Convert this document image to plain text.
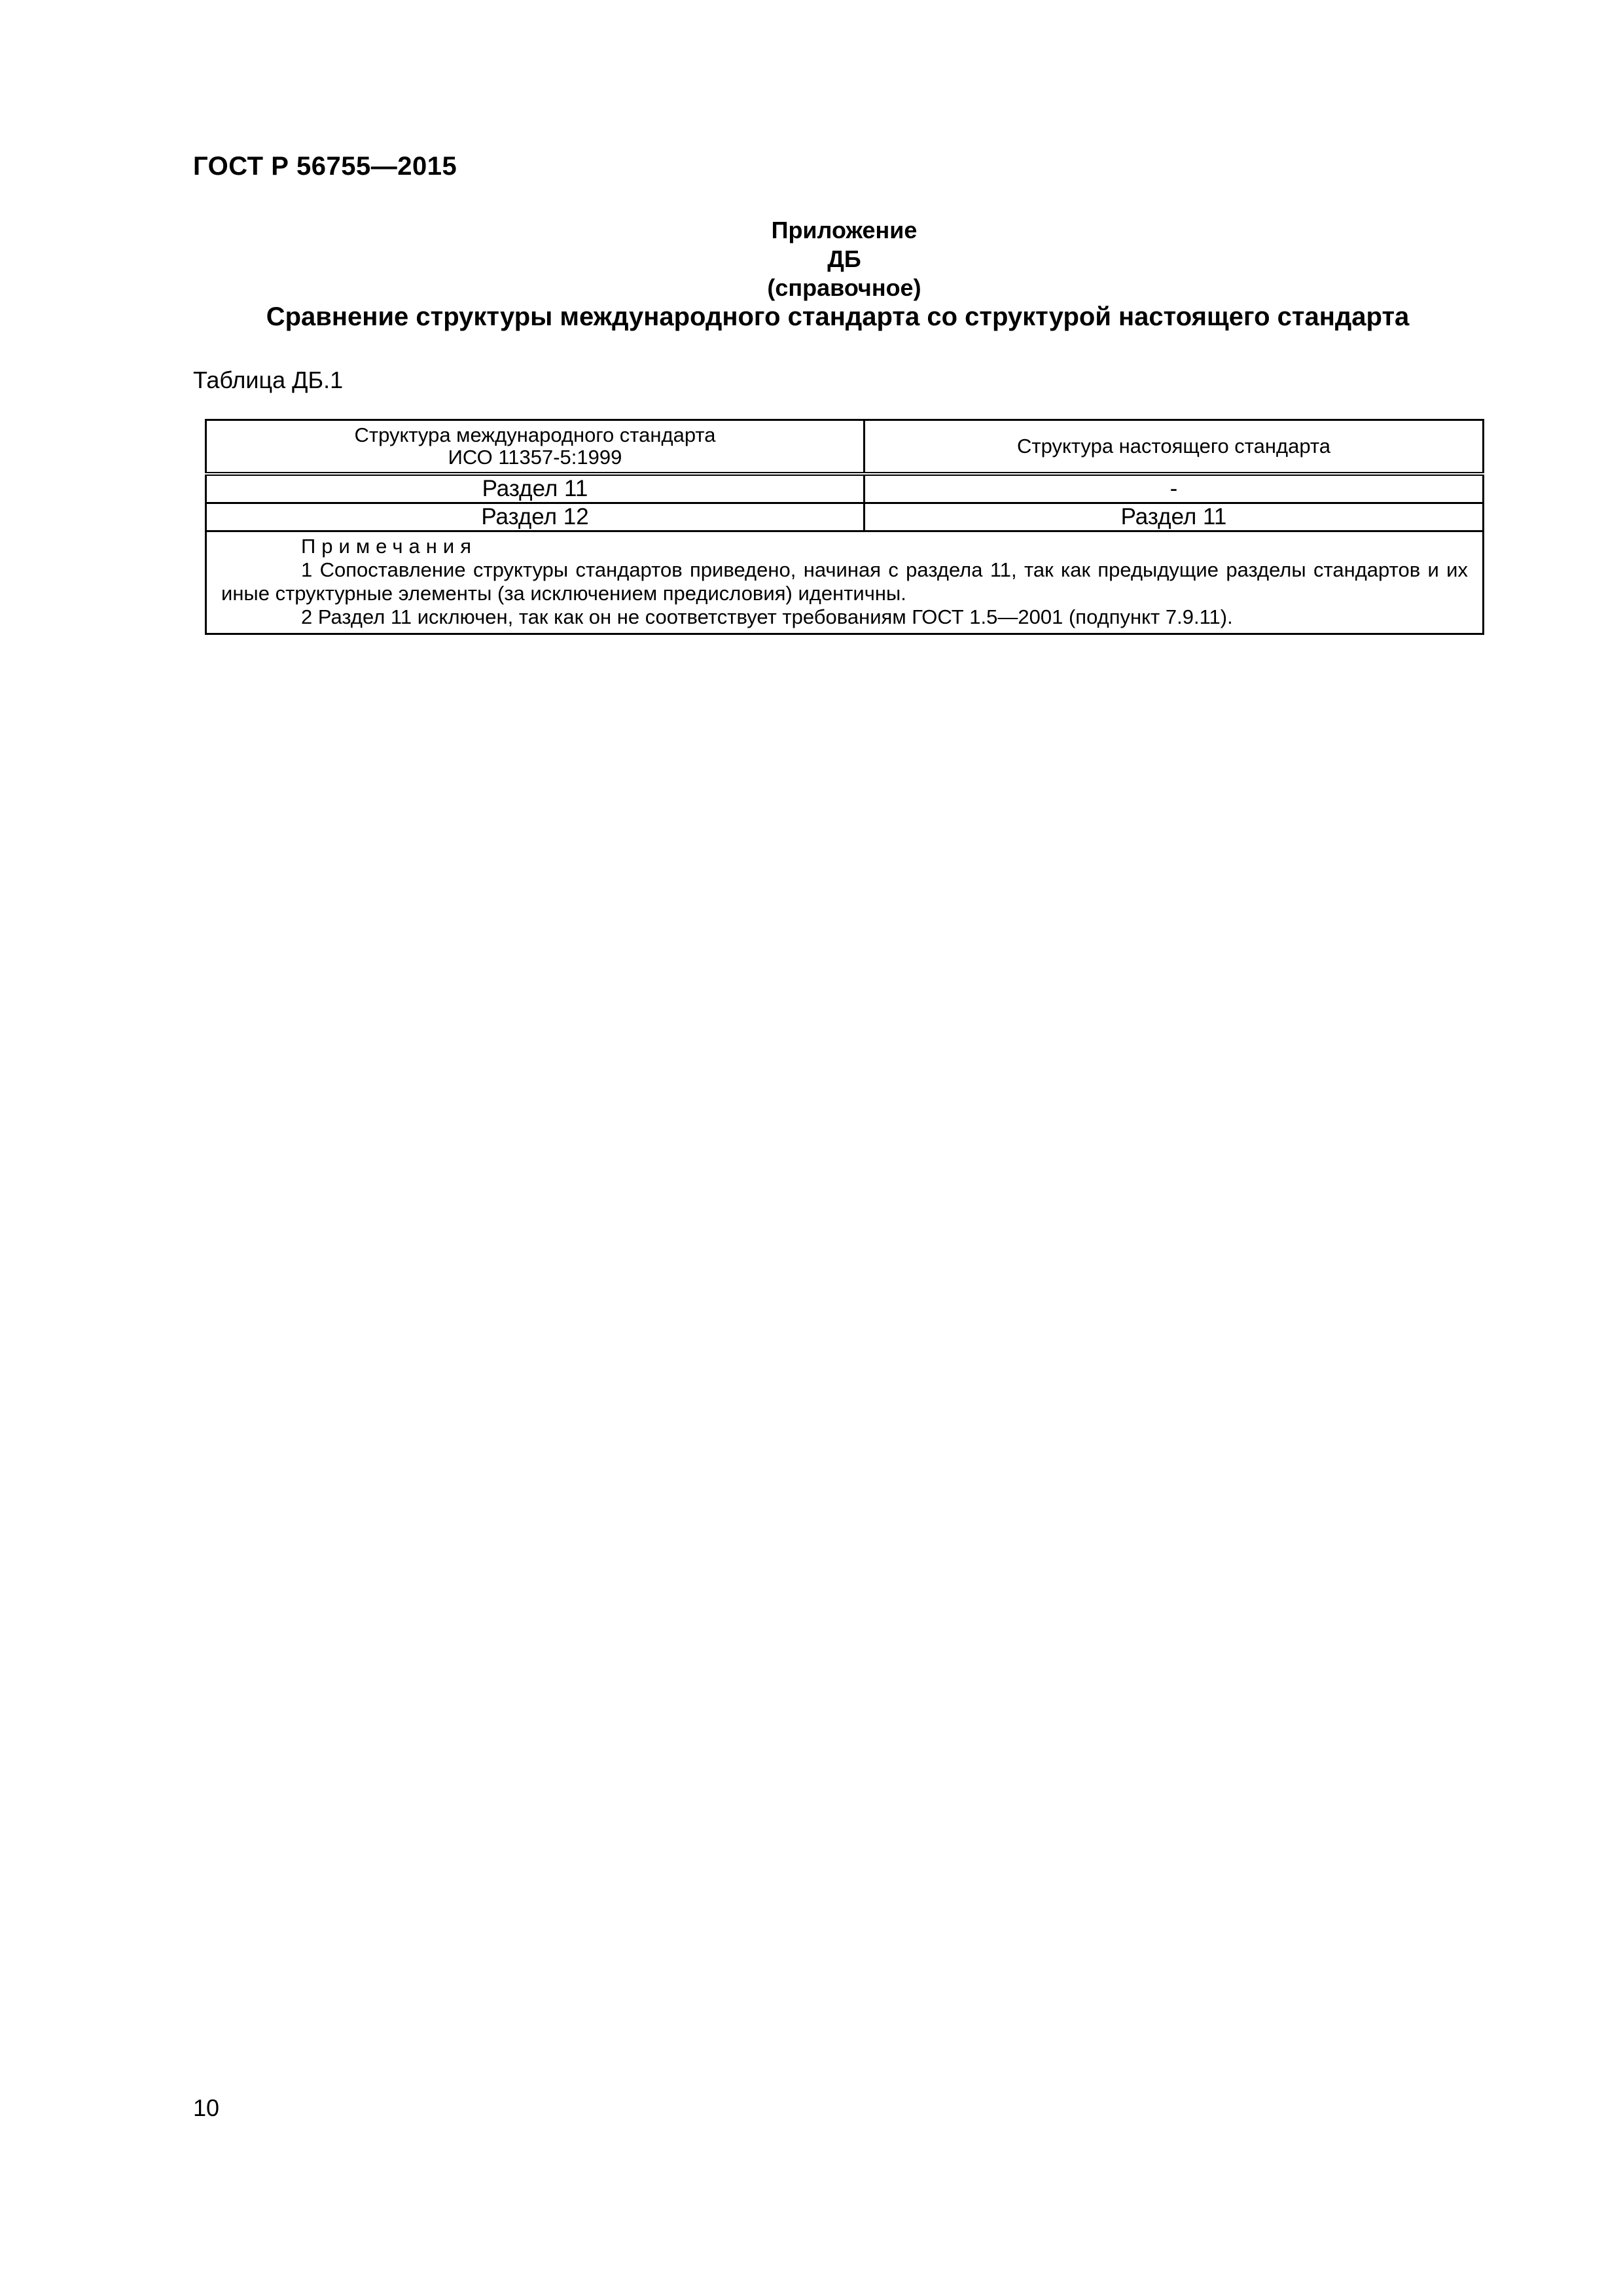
ГОСТ Р 56755—2015
Приложение ДБ
(справочное)
Сравнение структуры международного стандарта со структурой настоящего стандарта
Таблица ДБ.1
Структура международного стандарта
ИСО 11357-5:1999	Структура настоящего стандарта
Раздел 11	-
Раздел 12	Раздел 11

Примечания
1 Сопоставление структуры стандартов приведено, начиная с раздела 11, так как предыдущие разделы стандартов и их иные структурные элементы (за исключением предисловия) идентичны.
2 Раздел 11 исключен, так как он не соответствует требованиям ГОСТ 1.5—2001 (подпункт 7.9.11).	
10
